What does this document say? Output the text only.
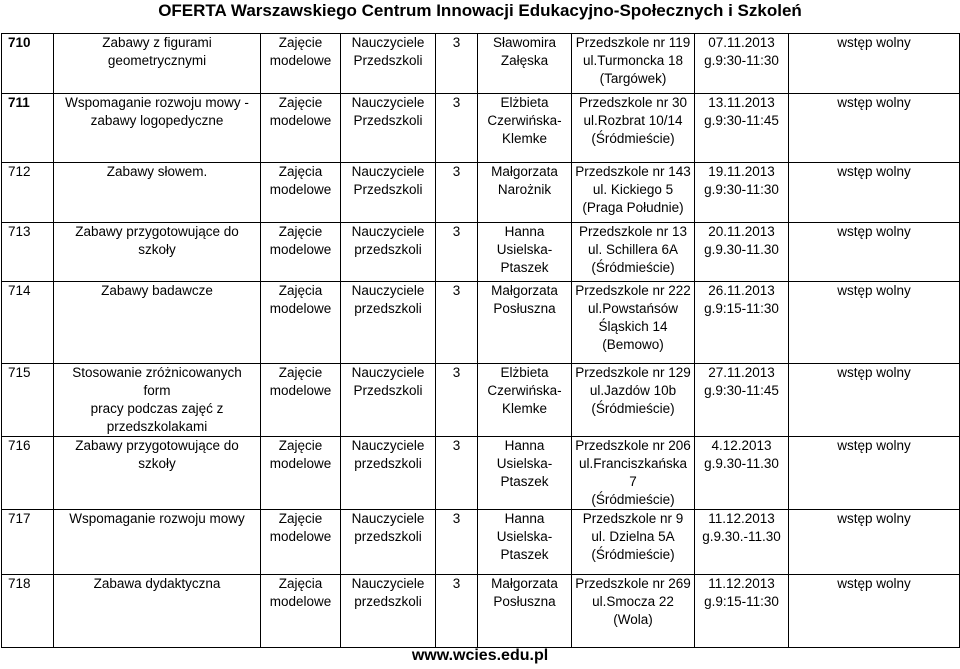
OFERTA Warszawskiego Centrum Innowacji Edukacyjno-Społecznych i Szkoleń
710	Zabawy z figurami
geometrycznymi	Zajęcie
modelowe	Nauczyciele
Przedszkoli	3	Sławomira
Załęska	Przedszkole nr 119
ul.Turmoncka 18
(Targówek)	07.11.2013
g.9:30-11:30	wstęp wolny
711	Wspomaganie rozwoju mowy -
zabawy logopedyczne	Zajęcie
modelowe	Nauczyciele
Przedszkoli	3	Elżbieta
Czerwińska-
Klemke	Przedszkole nr 30
ul.Rozbrat 10/14
(Śródmieście)	13.11.2013
g.9:30-11:45	wstęp wolny
712	Zabawy słowem.	Zajęcia
modelowe	Nauczyciele
Przedszkoli	3	Małgorzata
Narożnik	Przedszkole nr 143
ul. Kickiego 5
(Praga Południe)	19.11.2013
g.9:30-11:30	wstęp wolny
713	Zabawy przygotowujące do szkoły	Zajęcie
modelowe	Nauczyciele
przedszkoli	3	Hanna
Usielska-
Ptaszek	Przedszkole nr 13
ul. Schillera 6A
(Śródmieście)	20.11.2013
g.9.30-11.30	wstęp wolny
714	Zabawy badawcze	Zajęcia
modelowe	Nauczyciele
przedszkoli	3	Małgorzata
Posłuszna	Przedszkole nr 222
ul.Powstańsów
Śląskich 14
(Bemowo)	26.11.2013
g.9:15-11:30	wstęp wolny
715	Stosowanie zróżnicowanych form
pracy podczas zajęć z
przedszkolakami	Zajęcie
modelowe	Nauczyciele
Przedszkoli	3	Elżbieta
Czerwińska-
Klemke	Przedszkole nr 129
ul.Jazdów 10b
(Śródmieście)	27.11.2013
g.9:30-11:45	wstęp wolny
716	Zabawy przygotowujące do szkoły	Zajęcie
modelowe	Nauczyciele
przedszkoli	3	Hanna
Usielska-
Ptaszek	Przedszkole nr 206
ul.Franciszkańska 7
(Śródmieście)	4.12.2013
g.9.30-11.30	wstęp wolny
717	Wspomaganie rozwoju mowy	Zajęcie
modelowe	Nauczyciele
przedszkoli	3	Hanna
Usielska-
Ptaszek	Przedszkole nr 9
ul. Dzielna 5A
(Śródmieście)	11.12.2013
g.9.30.-11.30	wstęp wolny
718	Zabawa dydaktyczna	Zajęcia
modelowe	Nauczyciele
przedszkoli	3	Małgorzata
Posłuszna	Przedszkole nr 269
ul.Smocza 22
(Wola)	11.12.2013
g.9:15-11:30	wstęp wolny
www.wcies.edu.pl
